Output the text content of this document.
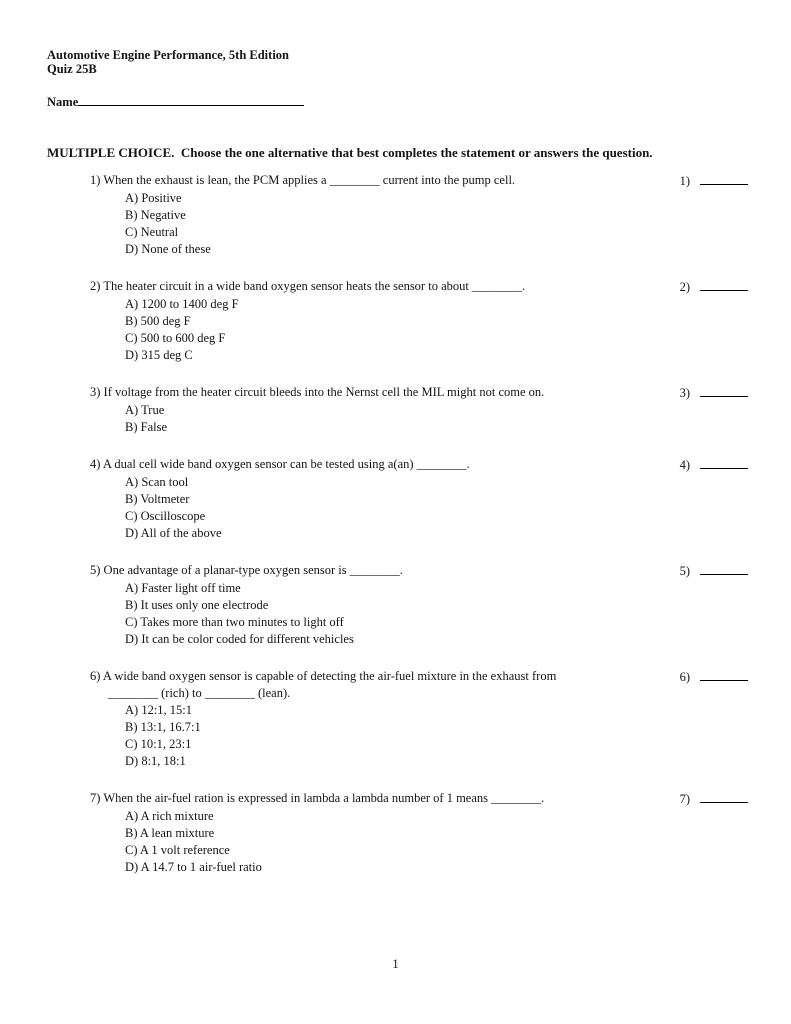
Automotive Engine Performance, 5th Edition
Quiz 25B
Name
MULTIPLE CHOICE.  Choose the one alternative that best completes the statement or answers the question.
1) When the exhaust is lean, the PCM applies a ________ current into the pump cell.	1)
A) Positive
B) Negative
C) Neutral
D) None of these
2) The heater circuit in a wide band oxygen sensor heats the sensor to about ________.	2)
A) 1200 to 1400 deg F
B) 500 deg F
C) 500 to 600 deg F
D) 315 deg C
3) If voltage from the heater circuit bleeds into the Nernst cell the MIL might not come on.	3)
A) True
B) False
4) A dual cell wide band oxygen sensor can be tested using a(an) ________.	4)
A) Scan tool
B) Voltmeter
C) Oscilloscope
D) All of the above
5) One advantage of a planar-type oxygen sensor is ________.	5)
A) Faster light off time
B) It uses only one electrode
C) Takes more than two minutes to light off
D) It can be color coded for different vehicles
6) A wide band oxygen sensor is capable of detecting the air-fuel mixture in the exhaust from
________ (rich) to ________ (lean).
6)
A) 12:1, 15:1
B) 13:1, 16.7:1
C) 10:1, 23:1
D) 8:1, 18:1
7) When the air-fuel ration is expressed in lambda a lambda number of 1 means ________.	7)
A) A rich mixture
B) A lean mixture
C) A 1 volt reference
D) A 14.7 to 1 air-fuel ratio
1
